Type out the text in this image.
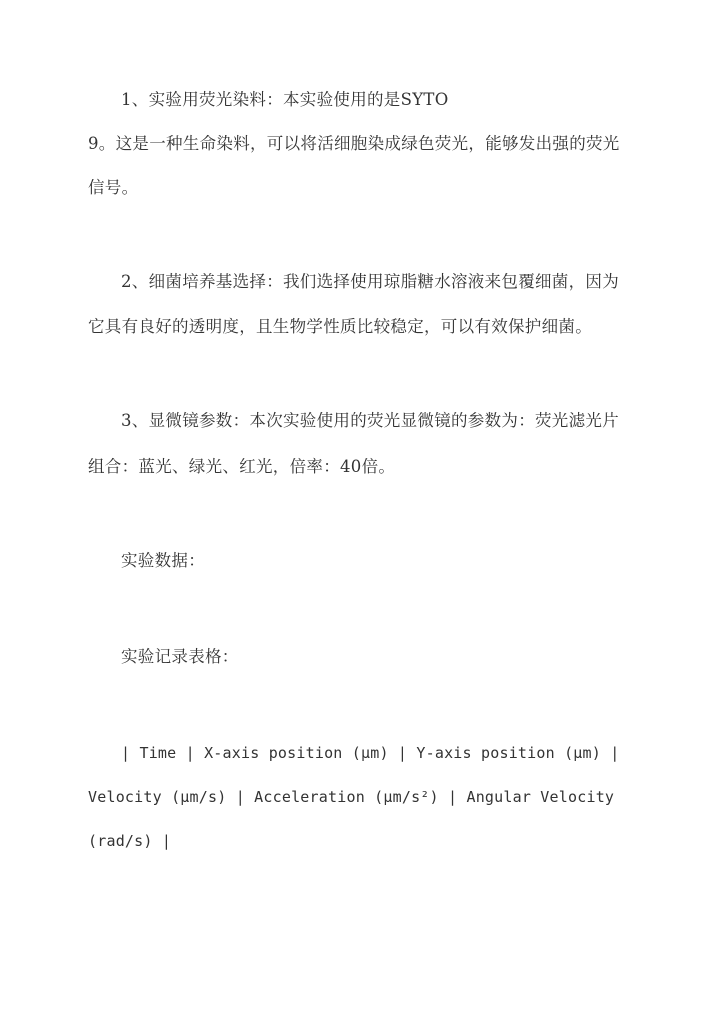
1、实验用荧光染料：本实验使用的是SYTO
9。这是一种生命染料，可以将活细胞染成绿色荧光，能够发出强的荧光
信号。
2、细菌培养基选择：我们选择使用琼脂糖水溶液来包覆细菌，因为
它具有良好的透明度，且生物学性质比较稳定，可以有效保护细菌。
3、显微镜参数：本次实验使用的荧光显微镜的参数为：荧光滤光片
组合：蓝光、绿光、红光，倍率：40倍。
实验数据：
实验记录表格：
| Time | X-axis position (μm) | Y-axis position (μm) |
Velocity (μm/s) | Acceleration (μm/s²) | Angular Velocity
(rad/s) |
